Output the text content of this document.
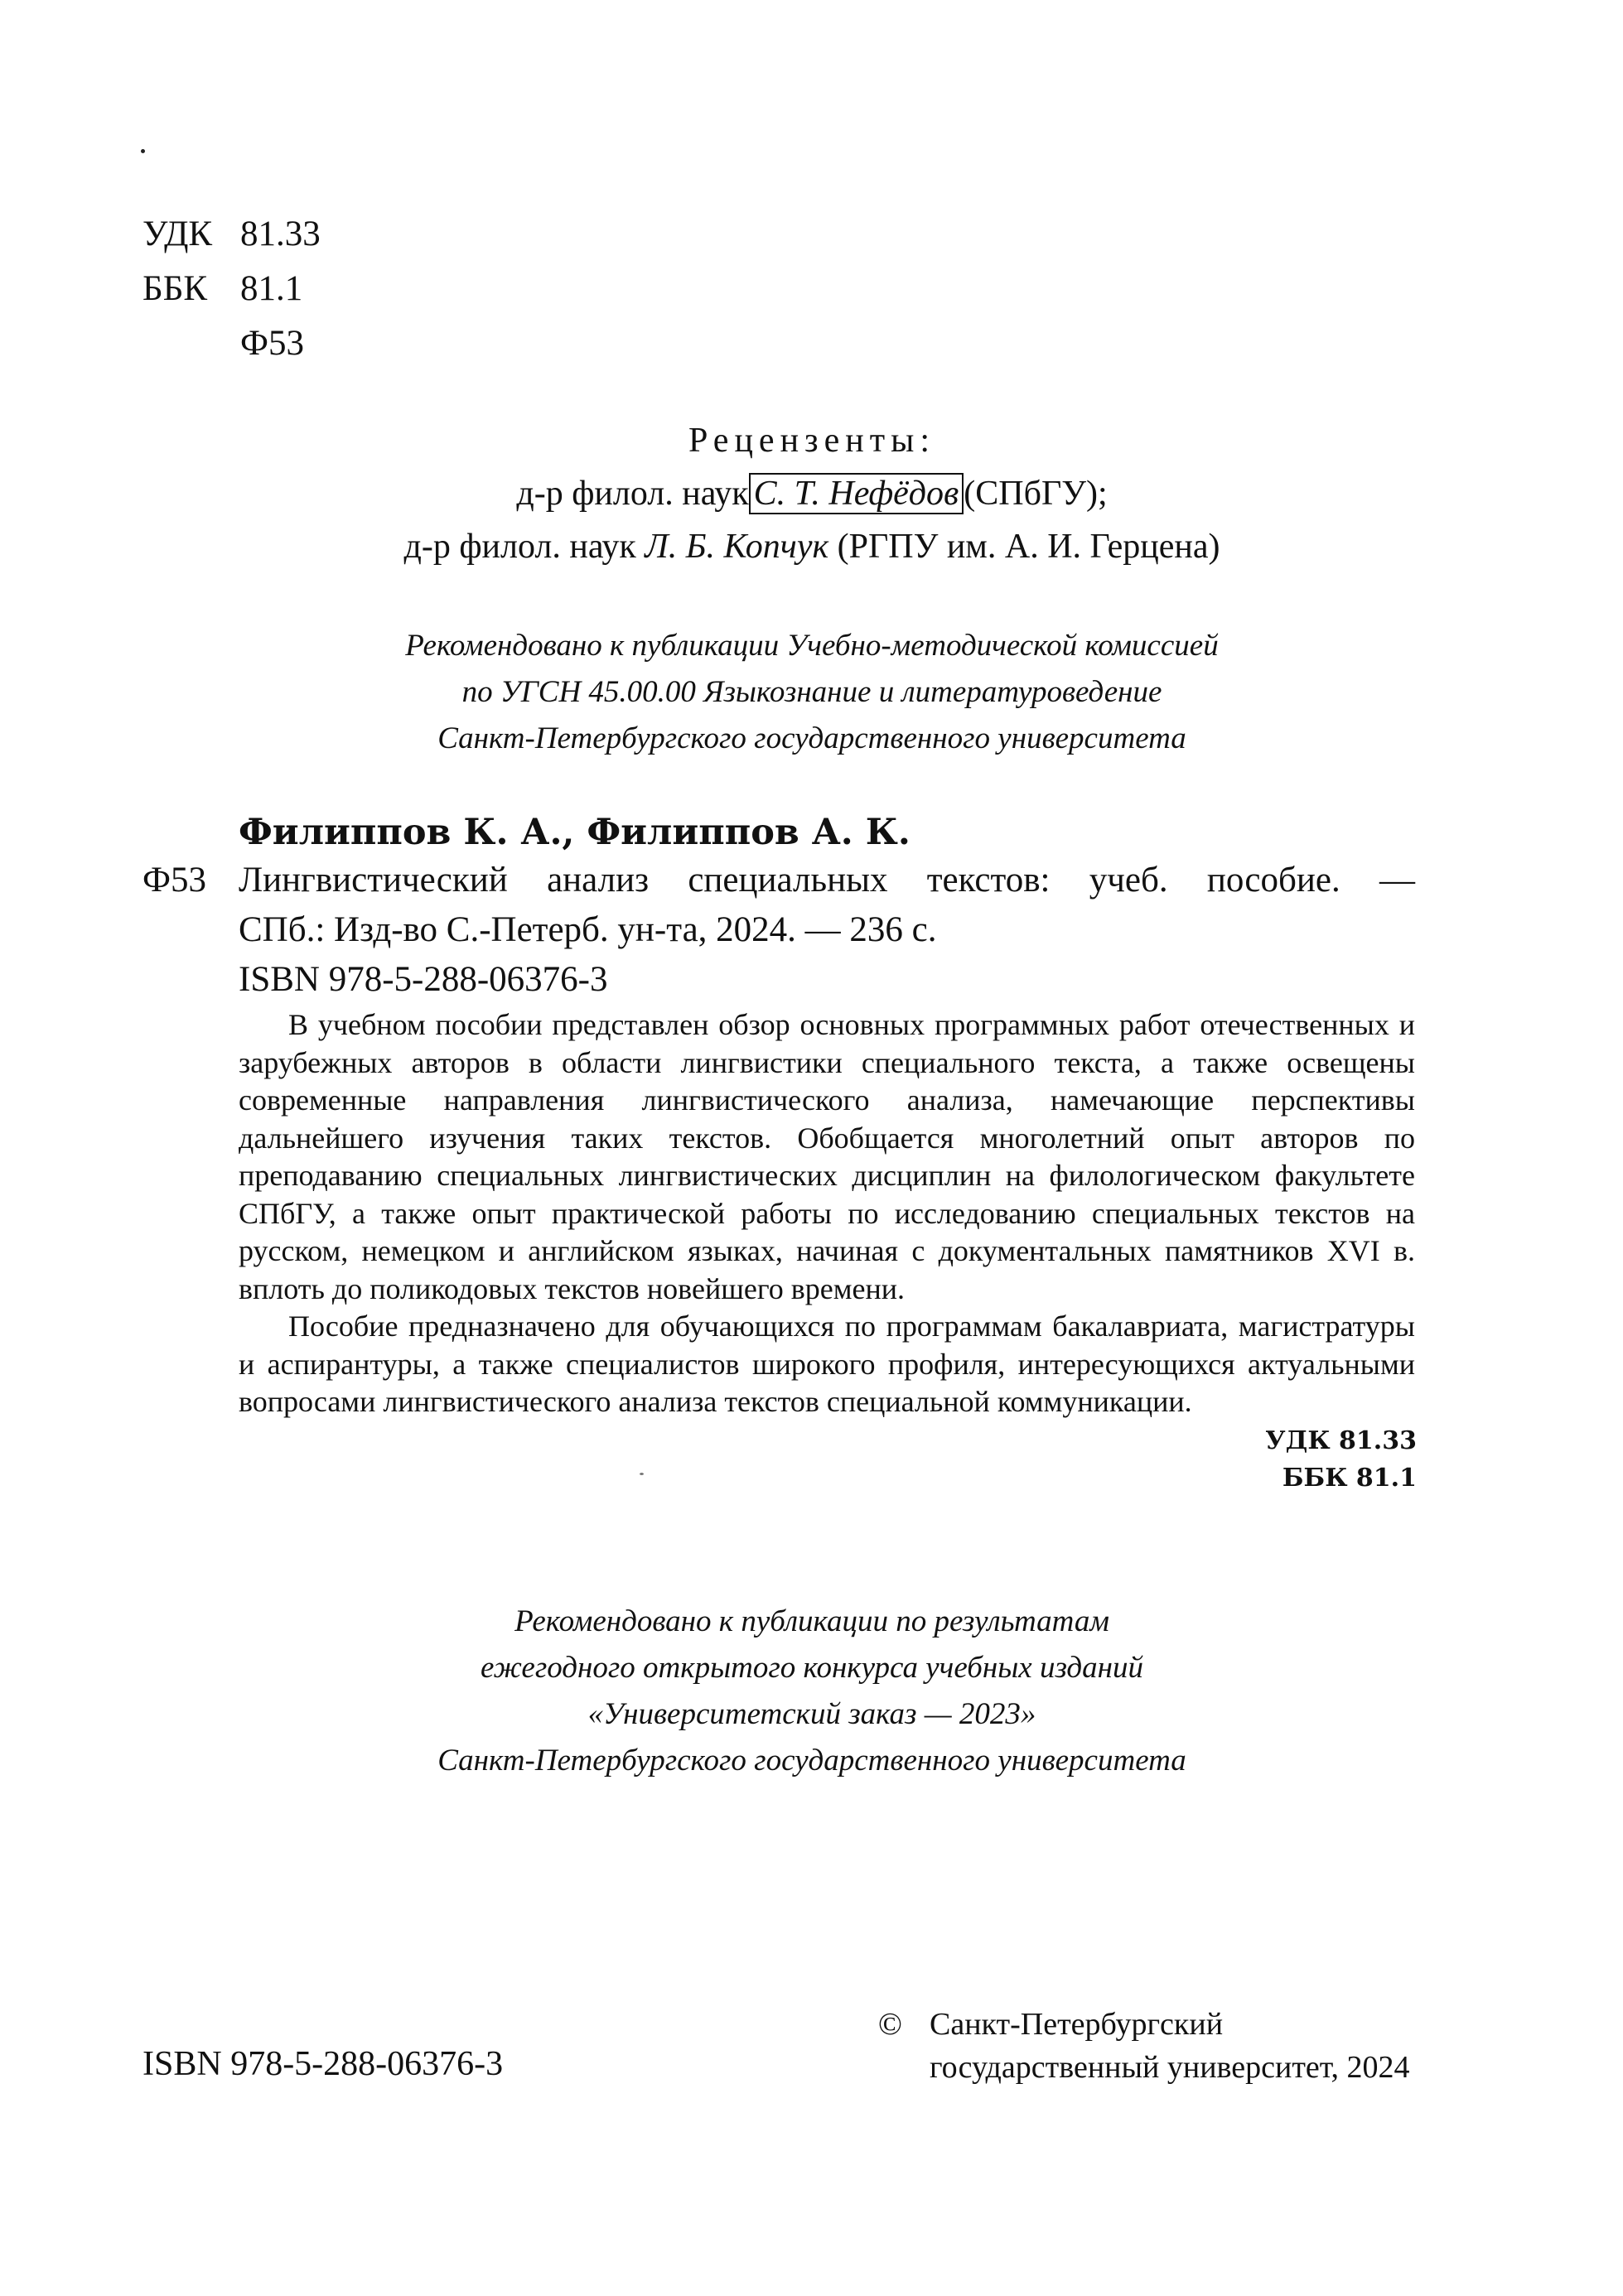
УДК 81.33
ББК 81.1
Ф53
Рецензенты:
д-р филол. наук С. Т. Нефёдов (СПбГУ);
д-р филол. наук Л. Б. Копчук (РГПУ им. А. И. Герцена)
Рекомендовано к публикации Учебно-методической комиссией
по УГСН 45.00.00 Языкознание и литературоведение
Санкт-Петербургского государственного университета
Филиппов К. А., Филиппов А. К.
Ф53 Лингвистический анализ специальных текстов: учеб. пособие. —
СПб.: Изд-во С.-Петерб. ун-та, 2024. — 236 с.
ISBN 978-5-288-06376-3

В учебном пособии представлен обзор основных программных работ отечественных и зарубежных авторов в области лингвистики специального текста, а также освещены современные направления лингвистического анализа, намечающие перспективы дальнейшего изучения таких текстов. Обобщается многолетний опыт авторов по преподаванию специальных лингвистических дисциплин на филологическом факультете СПбГУ, а также опыт практической работы по исследованию специальных текстов на русском, немецком и английском языках, начиная с документальных памятников XVI в. вплоть до поликодовых текстов новейшего времени.

Пособие предназначено для обучающихся по программам бакалавриата, магистратуры и аспирантуры, а также специалистов широкого профиля, интересующихся актуальными вопросами лингвистического анализа текстов специальной коммуникации.

УДК 81.33
ББК 81.1
Рекомендовано к публикации по результатам
ежегодного открытого конкурса учебных изданий
«Университетский заказ — 2023»
Санкт-Петербургского государственного университета
ISBN 978-5-288-06376-3
© Санкт-Петербургский
государственный университет, 2024
